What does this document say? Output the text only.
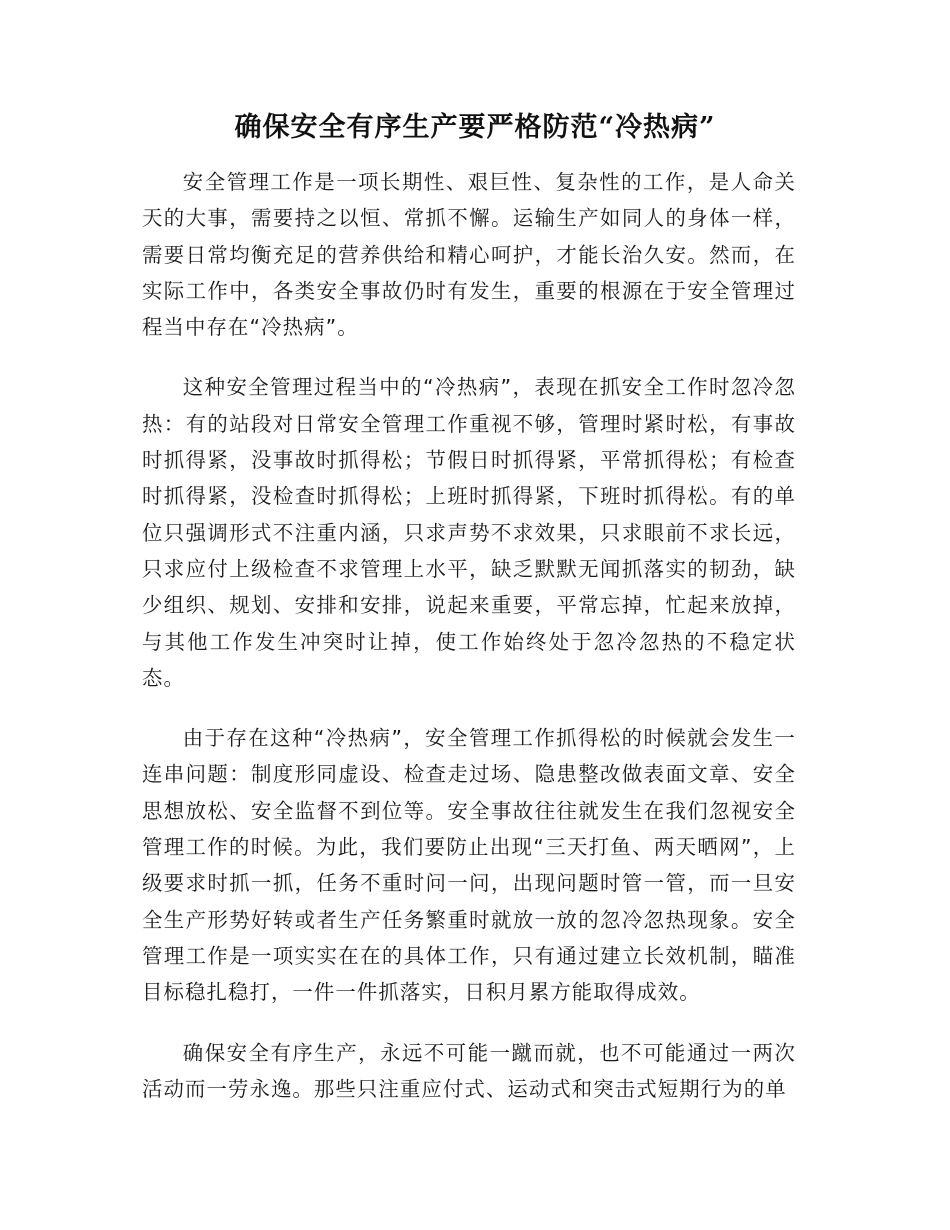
确保安全有序生产要严格防范“冷热病”

安全管理工作是一项长期性、艰巨性、复杂性的工作，是人命关天的大事，需要持之以恒、常抓不懈。运输生产如同人的身体一样，需要日常均衡充足的营养供给和精心呵护，才能长治久安。然而，在实际工作中，各类安全事故仍时有发生，重要的根源在于安全管理过程当中存在“冷热病”。

这种安全管理过程当中的“冷热病”，表现在抓安全工作时忽冷忽热：有的站段对日常安全管理工作重视不够，管理时紧时松，有事故时抓得紧，没事故时抓得松；节假日时抓得紧，平常抓得松；有检查时抓得紧，没检查时抓得松；上班时抓得紧，下班时抓得松。有的单位只强调形式不注重内涵，只求声势不求效果，只求眼前不求长远，只求应付上级检查不求管理上水平，缺乏默默无闻抓落实的韧劲，缺少组织、规划、安排和安排，说起来重要，平常忘掉，忙起来放掉，与其他工作发生冲突时让掉，使工作始终处于忽冷忽热的不稳定状态。

由于存在这种“冷热病”，安全管理工作抓得松的时候就会发生一连串问题：制度形同虚设、检查走过场、隐患整改做表面文章、安全思想放松、安全监督不到位等。安全事故往往就发生在我们忽视安全管理工作的时候。为此，我们要防止出现“三天打鱼、两天晒网”，上级要求时抓一抓，任务不重时问一问，出现问题时管一管，而一旦安全生产形势好转或者生产任务繁重时就放一放的忽冷忽热现象。安全管理工作是一项实实在在的具体工作，只有通过建立长效机制，瞄准目标稳扎稳打，一件一件抓落实，日积月累方能取得成效。

确保安全有序生产，永远不可能一蹴而就，也不可能通过一两次活动而一劳永逸。那些只注重应付式、运动式和突击式短期行为的单
